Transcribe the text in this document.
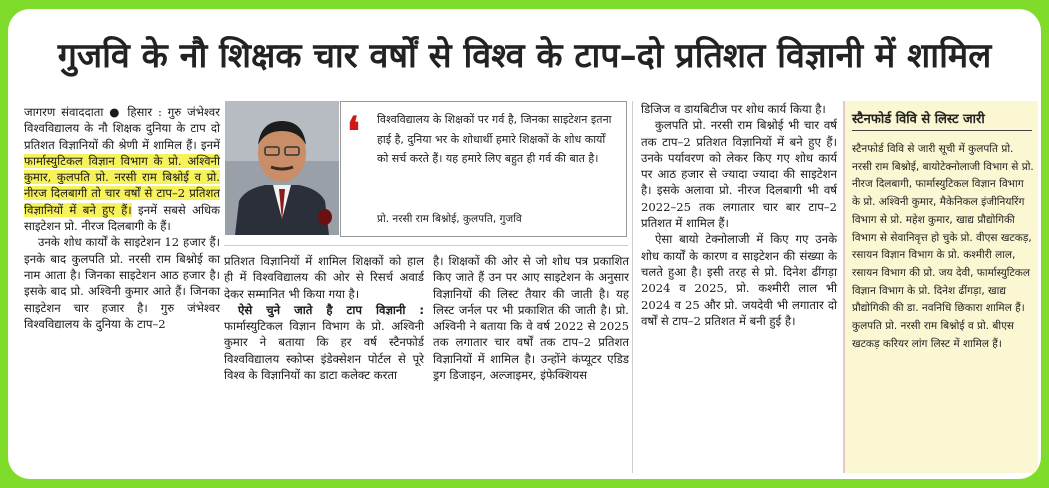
गुजवि के नौ शिक्षक चार वर्षों से विश्व के टाप–दो प्रतिशत विज्ञानी में शामिल

जागरण संवाददाता ● हिसार : गुरु जंभेश्वर विश्वविद्यालय के नौ शिक्षक दुनिया के टाप दो प्रतिशत विज्ञानियों की श्रेणी में शामिल हैं। इनमें फार्मास्युटिकल विज्ञान विभाग के प्रो. अश्विनी कुमार, कुलपति प्रो. नरसी राम बिश्नोई व प्रो. नीरज दिलबागी तो चार वर्षों से टाप–2 प्रतिशत विज्ञानियों में बने हुए हैं। इनमें सबसे अधिक साइटेशन प्रो. नीरज दिलबागी के हैं।

उनके शोध कार्यों के साइटेशन 12 हजार हैं। इनके बाद कुलपति प्रो. नरसी राम बिश्नोई का नाम आता है। जिनका साइटेशन आठ हजार है। इसके बाद प्रो. अश्विनी कुमार आते हैं। जिनका साइटेशन चार हजार है। गुरु जंभेश्वर विश्वविद्यालय के दुनिया के टाप–2

❛ विश्वविद्यालय के शिक्षकों पर गर्व है, जिनका साइटेशन इतना हाई है, दुनिया भर के शोधार्थी हमारे शिक्षकों के शोध कार्यों को सर्च करते हैं। यह हमारे लिए बहुत ही गर्व की बात है।
प्रो. नरसी राम बिश्नोई, कुलपति, गुजवि

प्रतिशत विज्ञानियों में शामिल शिक्षकों को हाल ही में विश्वविद्यालय की ओर से रिसर्च अवार्ड देकर सम्मानित भी किया गया है।

ऐसे चुने जाते है टाप विज्ञानी : फार्मास्युटिकल विज्ञान विभाग के प्रो. अश्विनी कुमार ने बताया कि हर वर्ष स्टैनफोर्ड विश्वविद्यालय स्कोप्स इंडेक्सेशन पोर्टल से पूरे विश्व के विज्ञानियों का डाटा कलेक्ट करता

है। शिक्षकों की ओर से जो शोध पत्र प्रकाशित किए जाते हैं उन पर आए साइटेशन के अनुसार विज्ञानियों की लिस्ट तैयार की जाती है। यह लिस्ट जर्नल पर भी प्रकाशित की जाती है। प्रो. अश्विनी ने बताया कि वे वर्ष 2022 से 2025 तक लगातार चार वर्षों तक टाप–2 प्रतिशत विज्ञानियों में शामिल है। उन्होंने कंप्यूटर एडिड ड्रग डिजाइन, अल्जाइमर, इंफेक्शियस

डिजिज व डायबिटीज पर शोध कार्य किया है।

कुलपति प्रो. नरसी राम बिश्नोई भी चार वर्ष तक टाप–2 प्रतिशत विज्ञानियों में बने हुए हैं। उनके पर्यावरण को लेकर किए गए शोध कार्य पर आठ हजार से ज्यादा ज्यादा की साइटेशन है। इसके अलावा प्रो. नीरज दिलबागी भी वर्ष 2022–25 तक लगातार चार बार टाप–2 प्रतिशत में शामिल हैं।

ऐसा बायो टेक्नोलाजी में किए गए उनके शोध कार्यों के कारण व साइटेशन की संख्या के चलते हुआ है। इसी तरह से प्रो. दिनेश ढींगड़ा 2024 व 2025, प्रो. कश्मीरी लाल भी 2024 व 25 और प्रो. जयदेवी भी लगातार दो वर्षों से टाप–2 प्रतिशत में बनी हुई है।

स्टैनफोर्ड विवि से लिस्ट जारी
स्टैनफोर्ड विवि से जारी सूची में कुलपति प्रो. नरसी राम बिश्नोई, बायोटेक्नोलाजी विभाग से प्रो. नीरज दिलबागी, फार्मास्युटिकल विज्ञान विभाग के प्रो. अश्विनी कुमार, मैकेनिकल इंजीनियरिंग विभाग से प्रो. महेश कुमार, खाद्य प्रौद्योगिकी विभाग से सेवानिवृत्त हो चुके प्रो. वीएस खटकड़, रसायन विज्ञान विभाग के प्रो. कश्मीरी लाल, रसायन विभाग की प्रो. जय देवी, फार्मास्युटिकल विज्ञान विभाग के प्रो. दिनेश ढींगड़ा, खाद्य प्रौद्योगिकी की डा. नवनिधि छिकारा शामिल हैं। कुलपति प्रो. नरसी राम बिश्नोई व प्रो. बीएस खटकड़ करियर लांग लिस्ट में शामिल हैं।
